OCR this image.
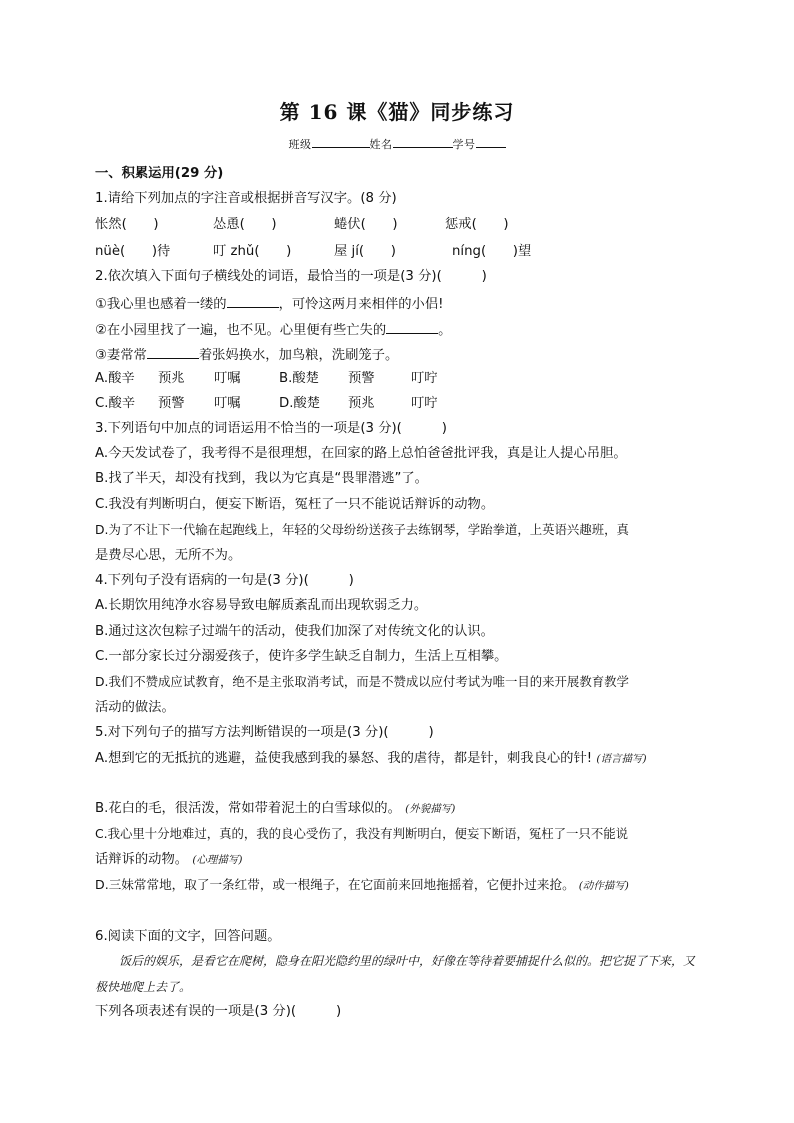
第 16 课《猫》同步练习
班级	姓名	学号
一、积累运用(29 分)
1.请给下列加点的字注音或根据拼音写汉字。(8 分)
怅然(　　)	怂恿(　　)	蜷伏(　　)	惩戒(　　)
nüè(　　)待	叮 zhǔ(　　)	屋 jí(　　)	níng(　　)望
2.依次填入下面句子横线处的词语，最恰当的一项是(3 分)(　　　)
①我心里也感着一缕的	，可怜这两月来相伴的小侣!
②在小园里找了一遍，也不见。心里便有些亡失的	。
③妻常常	着张妈换水，加鸟粮，洗刷笼子。
A.酸辛 预兆 叮嘱	B.酸楚 预警	叮咛
C.酸辛 预警 叮嘱	D.酸楚 预兆	叮咛
3.下列语句中加点的词语运用不恰当的一项是(3 分)(　　　)
A.今天发试卷了，我考得不是很理想，在回家的路上总怕爸爸批评我，真是让人提心吊胆。
B.找了半天，却没有找到，我以为它真是“畏罪潜逃”了。
C.我没有判断明白，便妄下断语，冤枉了一只不能说话辩诉的动物。
D.为了不让下一代输在起跑线上，年轻的父母纷纷送孩子去练钢琴，学跆拳道，上英语兴趣班，真
是费尽心思，无所不为。
4.下列句子没有语病的一句是(3 分)(　　　)
A.长期饮用纯净水容易导致电解质紊乱而出现软弱乏力。
B.通过这次包粽子过端午的活动，使我们加深了对传统文化的认识。
C.一部分家长过分溺爱孩子，使许多学生缺乏自制力，生活上互相攀。
D.我们不赞成应试教育，绝不是主张取消考试，而是不赞成以应付考试为唯一目的来开展教育教学
活动的做法。
5.对下列句子的描写方法判断错误的一项是(3 分)(　　　)
A.想到它的无抵抗的逃避，益使我感到我的暴怒、我的虐待，都是针，刺我良心的针! (语言描写)
B.花白的毛，很活泼，常如带着泥土的白雪球似的。 (外貌描写)
C.我心里十分地难过，真的，我的良心受伤了，我没有判断明白，便妄下断语，冤枉了一只不能说
话辩诉的动物。 (心理描写)
D.三妹常常地，取了一条红带，或一根绳子，在它面前来回地拖摇着，它便扑过来抢。 (动作描写)
6.阅读下面的文字，回答问题。
饭后的娱乐，是看它在爬树，隐身在阳光隐约里的绿叶中，好像在等待着要捕捉什么似的。把它捉了下来，又极快地爬上去了。
下列各项表述有误的一项是(3 分)(　　　)
